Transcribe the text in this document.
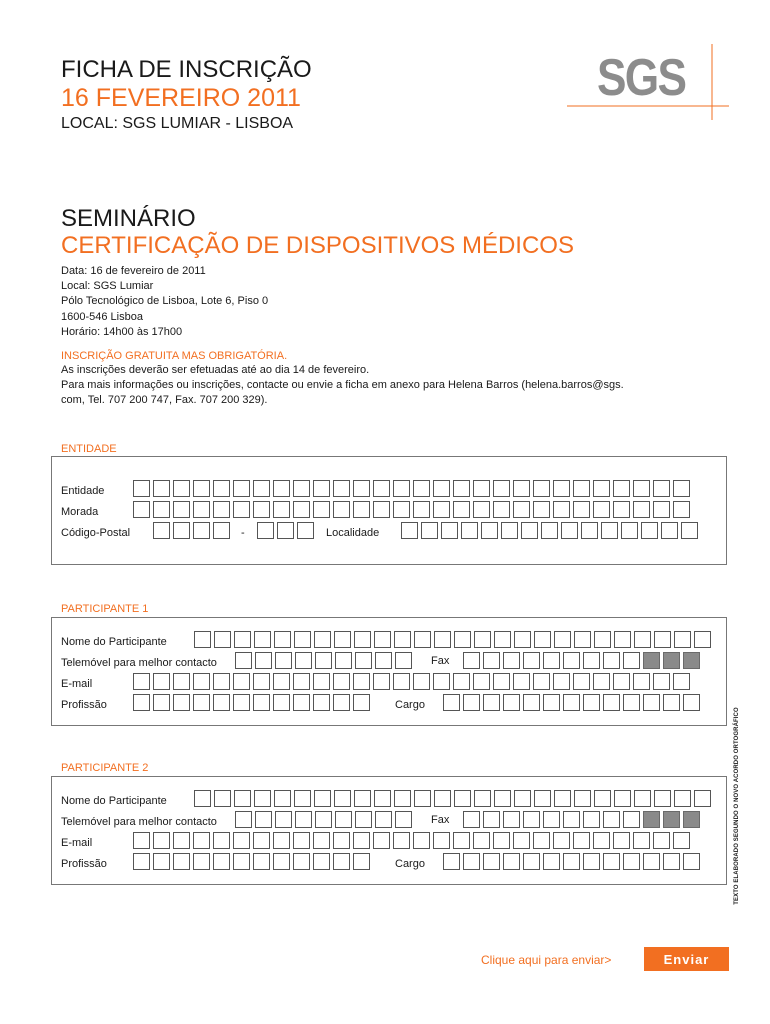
FICHA DE INSCRIÇÃO
16 FEVEREIRO 2011
LOCAL: SGS LUMIAR - LISBOA
SGS
SEMINÁRIO
CERTIFICAÇÃO DE DISPOSITIVOS MÉDICOS
Data: 16 de fevereiro de 2011
Local: SGS Lumiar
Pólo Tecnológico de Lisboa, Lote 6, Piso 0
1600-546 Lisboa
Horário: 14h00 às 17h00
INSCRIÇÃO GRATUITA MAS OBRIGATÓRIA.
As inscrições deverão ser efetuadas até ao dia 14 de fevereiro.
Para mais informações ou inscrições, contacte ou envie a ficha em anexo para Helena Barros (helena.barros@sgs.
com, Tel. 707 200 747, Fax. 707 200 329).
ENTIDADE
Entidade
Morada
Código-Postal	-	Localidade
PARTICIPANTE 1
Nome do Participante
Telemóvel para melhor contacto	Fax
E-mail
Profissão	Cargo
PARTICIPANTE 2
Nome do Participante
Telemóvel para melhor contacto	Fax
E-mail
Profissão	Cargo	TEXTO ELABORADO SEGUNDO O NOVO ACORDO ORTOGRÁFICO
Clique aqui para enviar>	Enviar
